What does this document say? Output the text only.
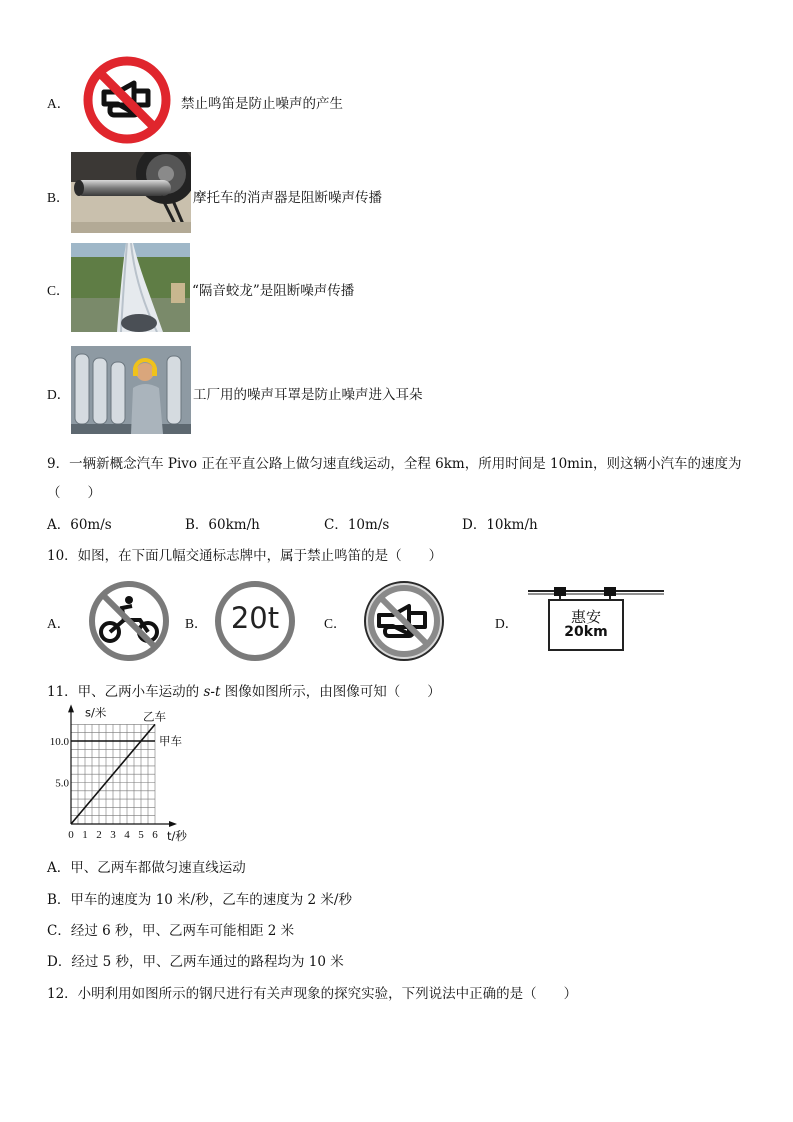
A．	禁止鸣笛是防止噪声的产生
B．	摩托车的消声器是阻断噪声传播
C．	“隔音蛟龙”是阻断噪声传播
D．	工厂用的噪声耳罩是防止噪声进入耳朵
9．一辆新概念汽车 Pivo 正在平直公路上做匀速直线运动，全程 6km，所用时间是 10min，则这辆小汽车的速度为
（　　）
A．60m/s	B．60km/h	C．10m/s	D．10km/h
10．如图，在下面几幅交通标志牌中，属于禁止鸣笛的是（　　）
A．	B． 20t	C．	D．	惠安
20km
11．甲、乙两小车运动的 s-t 图像如图所示，由图像可知（　　）
0 1 2 3 4 5 6
5.0
10.0
s/米
t/秒
甲车
乙车
A．甲、乙两车都做匀速直线运动
B．甲车的速度为 10 米/秒，乙车的速度为 2 米/秒
C．经过 6 秒，甲、乙两车可能相距 2 米
D．经过 5 秒，甲、乙两车通过的路程均为 10 米
12．小明利用如图所示的钢尺进行有关声现象的探究实验，下列说法中正确的是（　　）
